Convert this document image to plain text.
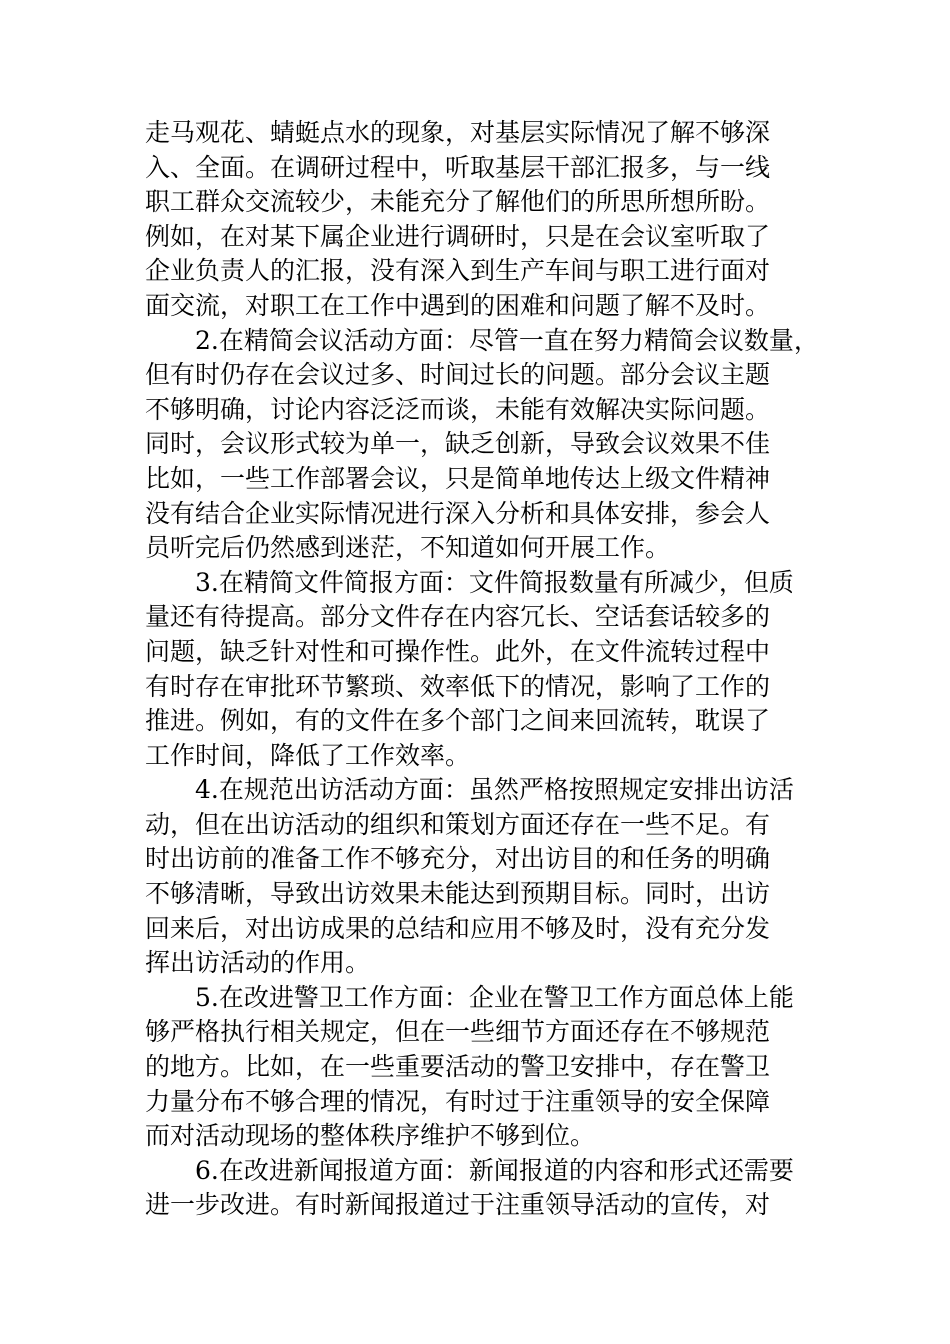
走马观花、蜻蜓点水的现象，对基层实际情况了解不够深
入、全面。在调研过程中，听取基层干部汇报多，与一线
职工群众交流较少，未能充分了解他们的所思所想所盼。
例如，在对某下属企业进行调研时，只是在会议室听取了
企业负责人的汇报，没有深入到生产车间与职工进行面对
面交流，对职工在工作中遇到的困难和问题了解不及时。
2.在精简会议活动方面：尽管一直在努力精简会议数量，
但有时仍存在会议过多、时间过长的问题。部分会议主题
不够明确，讨论内容泛泛而谈，未能有效解决实际问题。
同时，会议形式较为单一，缺乏创新，导致会议效果不佳
比如，一些工作部署会议，只是简单地传达上级文件精神
没有结合企业实际情况进行深入分析和具体安排，参会人
员听完后仍然感到迷茫，不知道如何开展工作。
3.在精简文件简报方面：文件简报数量有所减少，但质
量还有待提高。部分文件存在内容冗长、空话套话较多的
问题，缺乏针对性和可操作性。此外，在文件流转过程中
有时存在审批环节繁琐、效率低下的情况，影响了工作的
推进。例如，有的文件在多个部门之间来回流转，耽误了
工作时间，降低了工作效率。
4.在规范出访活动方面：虽然严格按照规定安排出访活
动，但在出访活动的组织和策划方面还存在一些不足。有
时出访前的准备工作不够充分，对出访目的和任务的明确
不够清晰，导致出访效果未能达到预期目标。同时，出访
回来后，对出访成果的总结和应用不够及时，没有充分发
挥出访活动的作用。
5.在改进警卫工作方面：企业在警卫工作方面总体上能
够严格执行相关规定，但在一些细节方面还存在不够规范
的地方。比如，在一些重要活动的警卫安排中，存在警卫
力量分布不够合理的情况，有时过于注重领导的安全保障
而对活动现场的整体秩序维护不够到位。
6.在改进新闻报道方面：新闻报道的内容和形式还需要
进一步改进。有时新闻报道过于注重领导活动的宣传，对
